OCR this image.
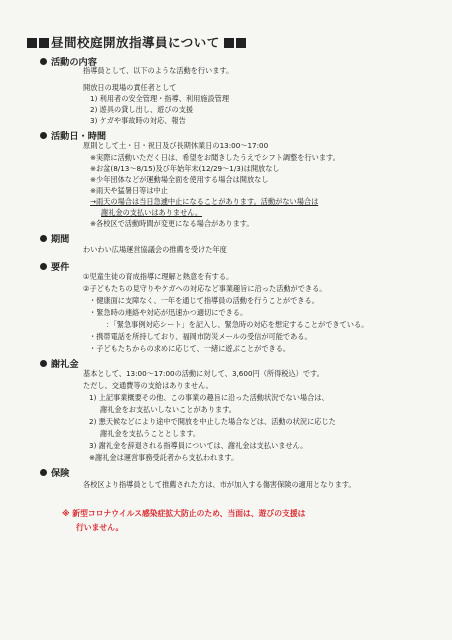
昼間校庭開放指導員について
活動の内容
指導員として、以下のような活動を行います。
開放日の現場の責任者として
1) 利用者の安全管理・指導、利用施設管理
2) 遊具の貸し出し、遊びの支援
3) ケガや事故時の対応、報告
活動日・時間
原則として土・日・祝日及び長期休業日の13:00〜17:00
※実際に活動いただく日は、希望をお聞きしたうえでシフト調整を行います。
※お盆(8/13〜8/15)及び年始年末(12/29〜1/3)は開放なし
※少年団体などが運動場全面を使用する場合は開放なし
※雨天や猛暑日等は中止
→雨天の場合は当日急遽中止になることがあります。活動がない場合は
謝礼金の支払いはありません。
※各校区で活動時間が変更になる場合があります。
期間
わいわい広場運営協議会の推薦を受けた年度
要件
①児童生徒の育成指導に理解と熱意を有する。
②子どもたちの見守りやケガへの対応など事業趣旨に沿った活動ができる。
・健康面に支障なく、一年を通じて指導員の活動を行うことができる。
・緊急時の連絡や対応が迅速かつ適切にできる。
：「緊急事例対応シート」を記入し、緊急時の対応を想定することができている。
・携帯電話を所持しており、福岡市防災メールの受信が可能である。
・子どもたちからの求めに応じて、一緒に遊ぶことができる。
謝礼金
基本として、13:00〜17:00の活動に対して、3,600円（所得税込）です。
ただし、交通費等の支給はありません。
1) 上記事業概要その他、この事業の趣旨に沿った活動状況でない場合は、
謝礼金をお支払いしないことがあります。
2) 悪天候などにより途中で開放を中止した場合などは、活動の状況に応じた
謝礼金を支払うこととします。
3) 謝礼金を辞退される指導員については、謝礼金は支払いません。
※謝礼金は運営事務受託者から支払われます。
保険
各校区より指導員として推薦された方は、市が加入する傷害保険の適用となります。
※ 新型コロナウイルス感染症拡大防止のため、当面は、遊びの支援は
行いません。
